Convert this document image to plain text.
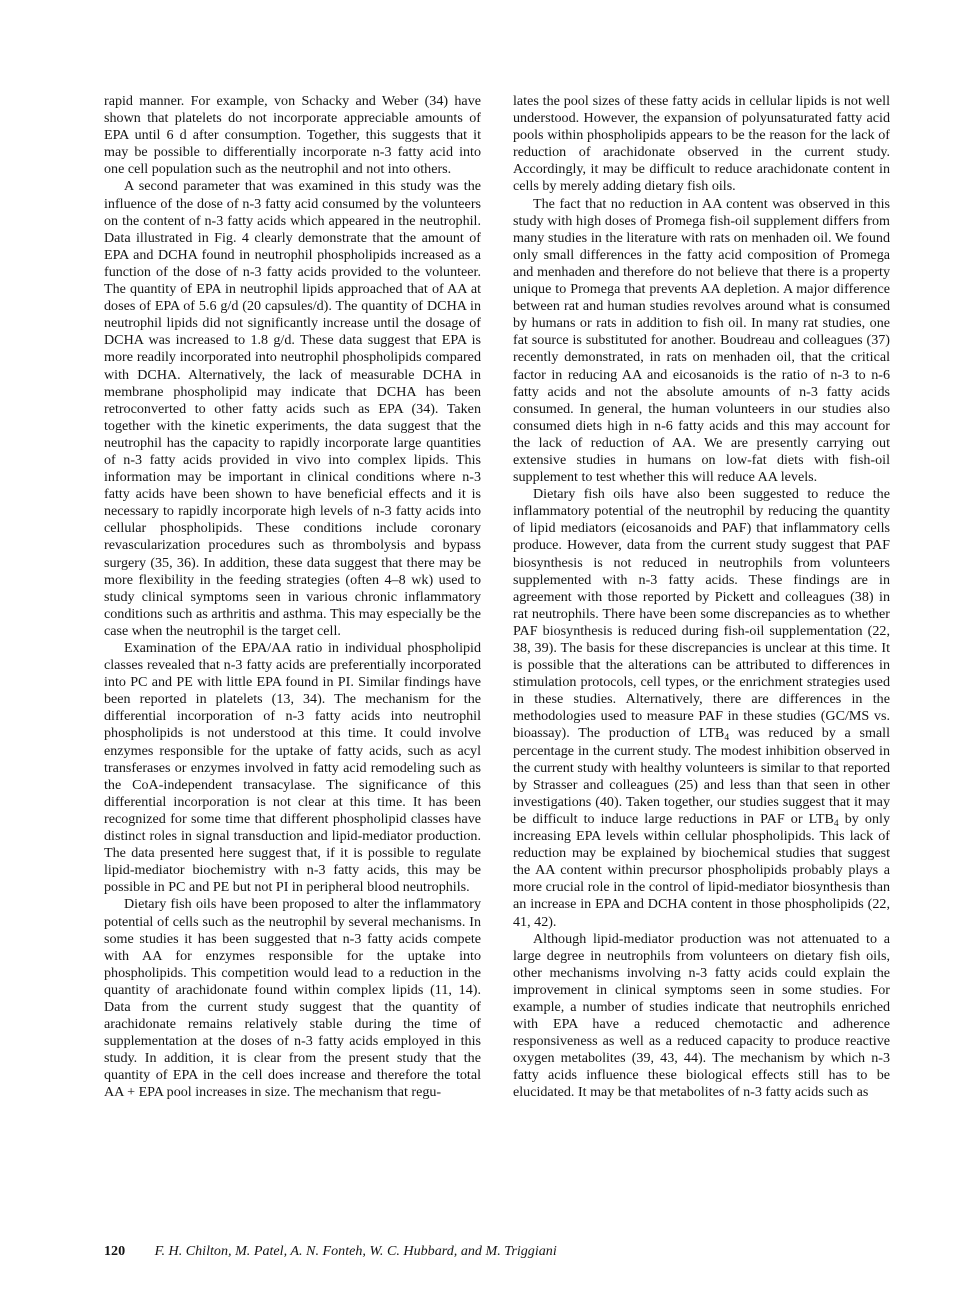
rapid manner. For example, von Schacky and Weber (34) have shown that platelets do not incorporate appreciable amounts of EPA until 6 d after consumption. Together, this suggests that it may be possible to differentially incorporate n-3 fatty acid into one cell population such as the neutrophil and not into others.

A second parameter that was examined in this study was the influence of the dose of n-3 fatty acid consumed by the volunteers on the content of n-3 fatty acids which appeared in the neutrophil. Data illustrated in Fig. 4 clearly demonstrate that the amount of EPA and DCHA found in neutrophil phospholipids increased as a function of the dose of n-3 fatty acids provided to the volunteer. The quantity of EPA in neutrophil lipids approached that of AA at doses of EPA of 5.6 g/d (20 capsules/d). The quantity of DCHA in neutrophil lipids did not significantly increase until the dosage of DCHA was increased to 1.8 g/d. These data suggest that EPA is more readily incorporated into neutrophil phospholipids compared with DCHA. Alternatively, the lack of measurable DCHA in membrane phospholipid may indicate that DCHA has been retroconverted to other fatty acids such as EPA (34). Taken together with the kinetic experiments, the data suggest that the neutrophil has the capacity to rapidly incorporate large quantities of n-3 fatty acids provided in vivo into complex lipids. This information may be important in clinical conditions where n-3 fatty acids have been shown to have beneficial effects and it is necessary to rapidly incorporate high levels of n-3 fatty acids into cellular phospholipids. These conditions include coronary revascularization procedures such as thrombolysis and bypass surgery (35, 36). In addition, these data suggest that there may be more flexibility in the feeding strategies (often 4–8 wk) used to study clinical symptoms seen in various chronic inflammatory conditions such as arthritis and asthma. This may especially be the case when the neutrophil is the target cell.

Examination of the EPA/AA ratio in individual phospholipid classes revealed that n-3 fatty acids are preferentially incorporated into PC and PE with little EPA found in PI. Similar findings have been reported in platelets (13, 34). The mechanism for the differential incorporation of n-3 fatty acids into neutrophil phospholipids is not understood at this time. It could involve enzymes responsible for the uptake of fatty acids, such as acyl transferases or enzymes involved in fatty acid remodeling such as the CoA-independent transacylase. The significance of this differential incorporation is not clear at this time. It has been recognized for some time that different phospholipid classes have distinct roles in signal transduction and lipid-mediator production. The data presented here suggest that, if it is possible to regulate lipid-mediator biochemistry with n-3 fatty acids, this may be possible in PC and PE but not PI in peripheral blood neutrophils.

Dietary fish oils have been proposed to alter the inflammatory potential of cells such as the neutrophil by several mechanisms. In some studies it has been suggested that n-3 fatty acids compete with AA for enzymes responsible for the uptake into phospholipids. This competition would lead to a reduction in the quantity of arachidonate found within complex lipids (11, 14). Data from the current study suggest that the quantity of arachidonate remains relatively stable during the time of supplementation at the doses of n-3 fatty acids employed in this study. In addition, it is clear from the present study that the quantity of EPA in the cell does increase and therefore the total AA + EPA pool increases in size. The mechanism that regu-

lates the pool sizes of these fatty acids in cellular lipids is not well understood. However, the expansion of polyunsaturated fatty acid pools within phospholipids appears to be the reason for the lack of reduction of arachidonate observed in the current study. Accordingly, it may be difficult to reduce arachidonate content in cells by merely adding dietary fish oils.

The fact that no reduction in AA content was observed in this study with high doses of Promega fish-oil supplement differs from many studies in the literature with rats on menhaden oil. We found only small differences in the fatty acid composition of Promega and menhaden and therefore do not believe that there is a property unique to Promega that prevents AA depletion. A major difference between rat and human studies revolves around what is consumed by humans or rats in addition to fish oil. In many rat studies, one fat source is substituted for another. Boudreau and colleagues (37) recently demonstrated, in rats on menhaden oil, that the critical factor in reducing AA and eicosanoids is the ratio of n-3 to n-6 fatty acids and not the absolute amounts of n-3 fatty acids consumed. In general, the human volunteers in our studies also consumed diets high in n-6 fatty acids and this may account for the lack of reduction of AA. We are presently carrying out extensive studies in humans on low-fat diets with fish-oil supplement to test whether this will reduce AA levels.

Dietary fish oils have also been suggested to reduce the inflammatory potential of the neutrophil by reducing the quantity of lipid mediators (eicosanoids and PAF) that inflammatory cells produce. However, data from the current study suggest that PAF biosynthesis is not reduced in neutrophils from volunteers supplemented with n-3 fatty acids. These findings are in agreement with those reported by Pickett and colleagues (38) in rat neutrophils. There have been some discrepancies as to whether PAF biosynthesis is reduced during fish-oil supplementation (22, 38, 39). The basis for these discrepancies is unclear at this time. It is possible that the alterations can be attributed to differences in stimulation protocols, cell types, or the enrichment strategies used in these studies. Alternatively, there are differences in the methodologies used to measure PAF in these studies (GC/MS vs. bioassay). The production of $LTB_4$ was reduced by a small percentage in the current study. The modest inhibition observed in the current study with healthy volunteers is similar to that reported by Strasser and colleagues (25) and less than that seen in other investigations (40). Taken together, our studies suggest that it may be difficult to induce large reductions in PAF or $LTB_4$ by only increasing EPA levels within cellular phospholipids. This lack of reduction may be explained by biochemical studies that suggest the AA content within precursor phospholipids probably plays a more crucial role in the control of lipid-mediator biosynthesis than an increase in EPA and DCHA content in those phospholipids (22, 41, 42).

Although lipid-mediator production was not attenuated to a large degree in neutrophils from volunteers on dietary fish oils, other mechanisms involving n-3 fatty acids could explain the improvement in clinical symptoms seen in some studies. For example, a number of studies indicate that neutrophils enriched with EPA have a reduced chemotactic and adherence responsiveness as well as a reduced capacity to produce reactive oxygen metabolites (39, 43, 44). The mechanism by which n-3 fatty acids influence these biological effects still has to be elucidated. It may be that metabolites of n-3 fatty acids such as

120 F. H. Chilton, M. Patel, A. N. Fonteh, W. C. Hubbard, and M. Triggiani
